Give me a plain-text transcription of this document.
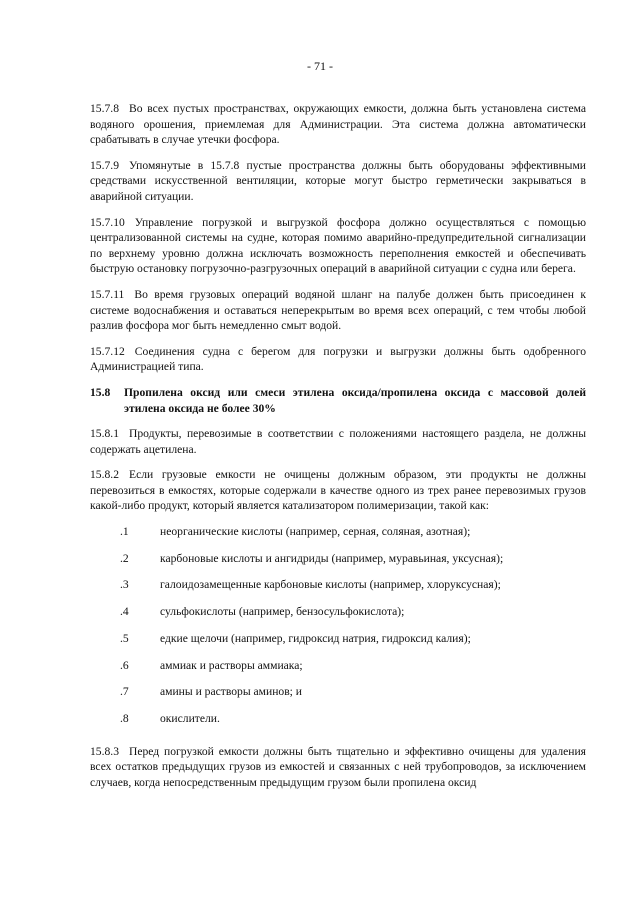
- 71 -

15.7.8 Во всех пустых пространствах, окружающих емкости, должна быть установлена система водяного орошения, приемлемая для Администрации. Эта система должна автоматически срабатывать в случае утечки фосфора.

15.7.9 Упомянутые в 15.7.8 пустые пространства должны быть оборудованы эффективными средствами искусственной вентиляции, которые могут быстро герметически закрываться в аварийной ситуации.

15.7.10 Управление погрузкой и выгрузкой фосфора должно осуществляться с помощью централизованной системы на судне, которая помимо аварийно-предупредительной сигнализации по верхнему уровню должна исключать возможность переполнения емкостей и обеспечивать быструю остановку погрузочно-разгрузочных операций в аварийной ситуации с судна или берега.

15.7.11 Во время грузовых операций водяной шланг на палубе должен быть присоединен к системе водоснабжения и оставаться неперекрытым во время всех операций, с тем чтобы любой разлив фосфора мог быть немедленно смыт водой.

15.7.12 Соединения судна с берегом для погрузки и выгрузки должны быть одобренного Администрацией типа.

15.8	Пропилена оксид или смеси этилена оксида/пропилена оксида с массовой долей этилена оксида не более 30%

15.8.1 Продукты, перевозимые в соответствии с положениями настоящего раздела, не должны содержать ацетилена.

15.8.2 Если грузовые емкости не очищены должным образом, эти продукты не должны перевозиться в емкостях, которые содержали в качестве одного из трех ранее перевозимых грузов какой-либо продукт, который является катализатором полимеризации, такой как:

.1	неорганические кислоты (например, серная, соляная, азотная);
.2	карбоновые кислоты и ангидриды (например, муравьиная, уксусная);
.3	галоидозамещенные карбоновые кислоты (например, хлоруксусная);
.4	сульфокислоты (например, бензосульфокислота);
.5	едкие щелочи (например, гидроксид натрия, гидроксид калия);
.6	аммиак и растворы аммиака;
.7	амины и растворы аминов; и
.8	окислители.

15.8.3 Перед погрузкой емкости должны быть тщательно и эффективно очищены для удаления всех остатков предыдущих грузов из емкостей и связанных с ней трубопроводов, за исключением случаев, когда непосредственным предыдущим грузом были пропилена оксид
